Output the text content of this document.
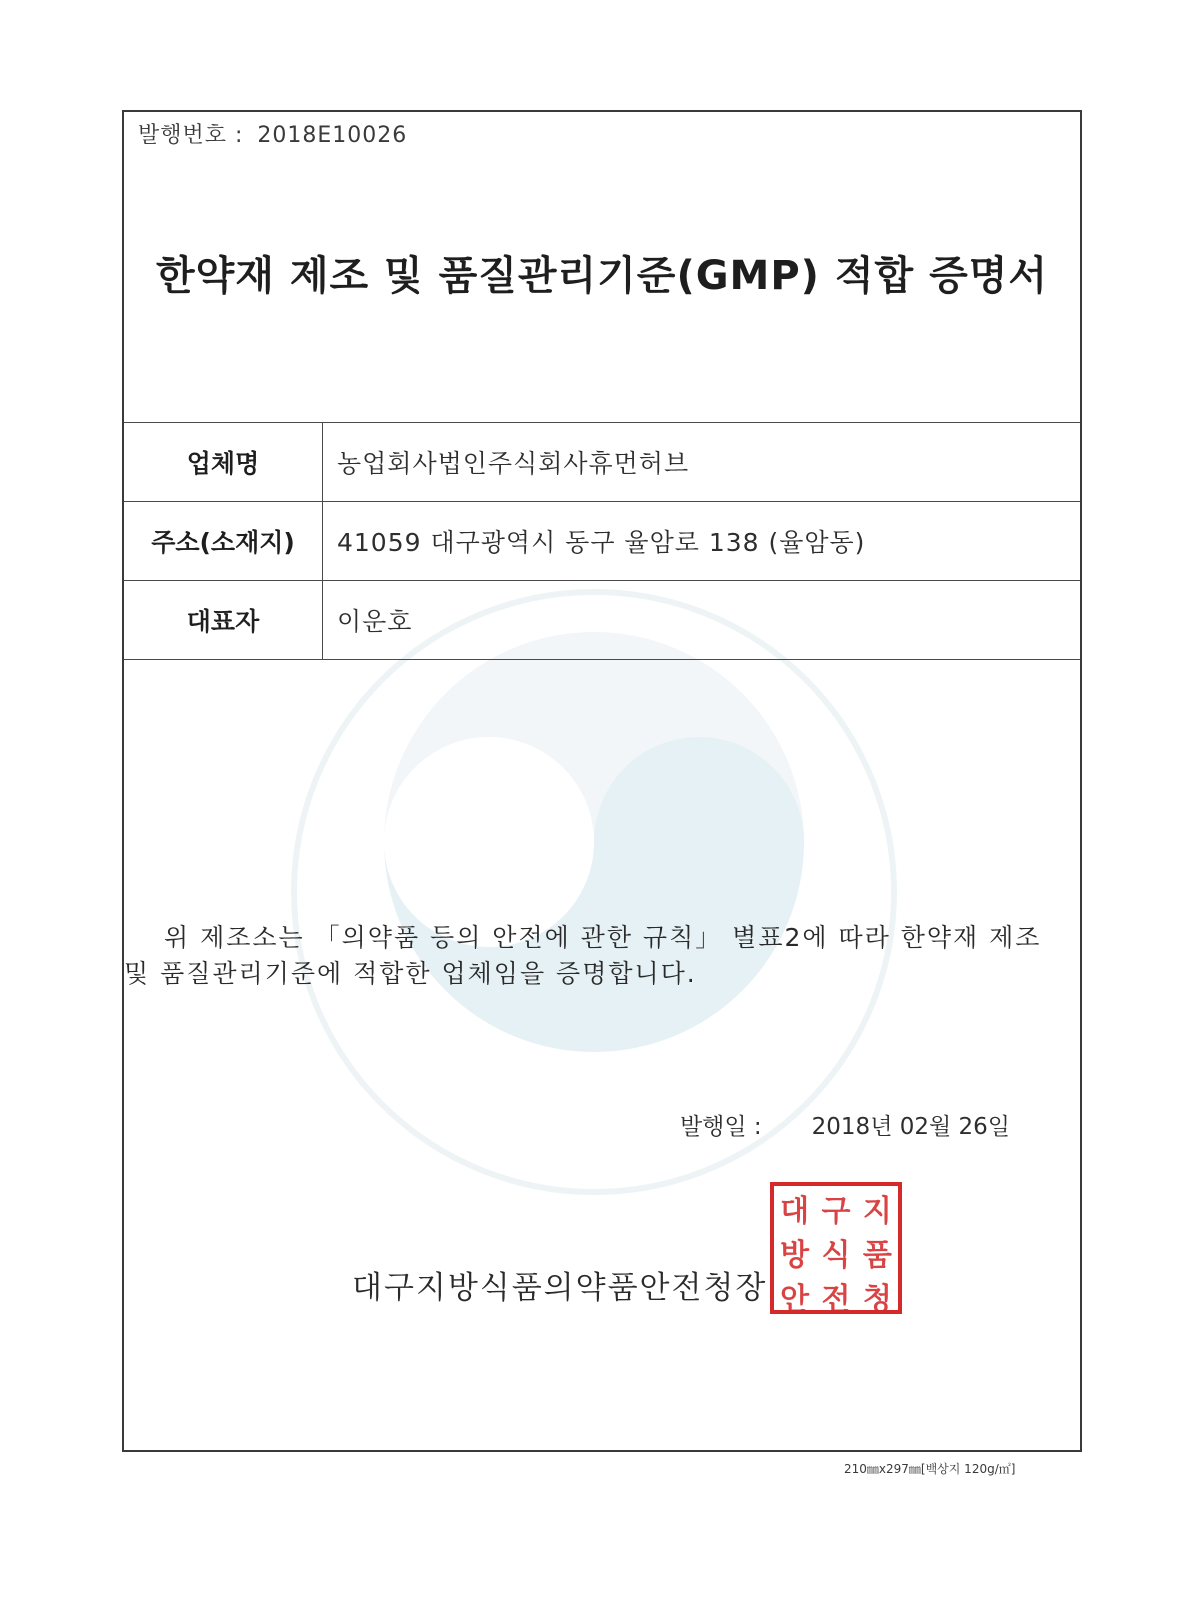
발행번호 : 2018E10026
한약재 제조 및 품질관리기준(GMP) 적합 증명서
업체명	농업회사법인주식회사휴먼허브
주소(소재지)	41059 대구광역시 동구 율암로 138 (율암동)
대표자	이운호
위 제조소는 「의약품 등의 안전에 관한 규칙」 별표2에 따라 한약재 제조 및 품질관리기준에 적합한 업체임을 증명합니다.
발행일 : 2018년 02월 26일
대구지방식품의약품안전청장
대 구 지
방 식 품
안 전 청
210㎜x297㎜[백상지 120g/㎡]
